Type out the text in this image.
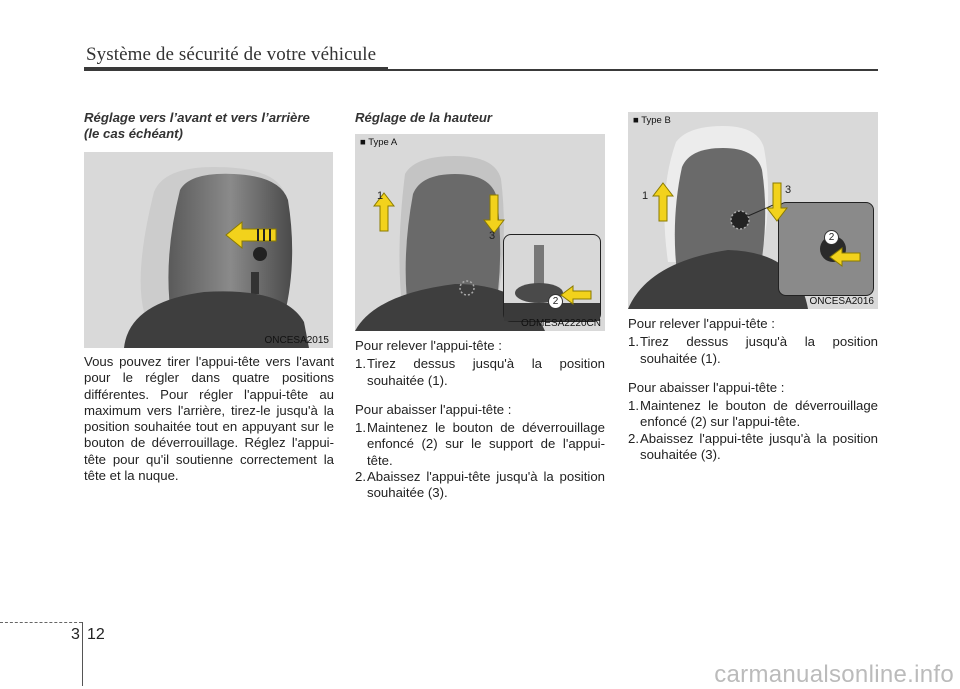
Système de sécurité de votre véhicule

Réglage vers l’avant et vers l’arrière
(le cas échéant)

ONCESA2015

Vous pouvez tirer l'appui-tête vers l'avant pour le régler dans quatre positions différentes. Pour régler l'appui-tête au maximum vers l'arrière, tirez-le jusqu'à la position souhaitée tout en appuyant sur le bouton de déverrouillage. Réglez l'appui-tête pour qu'il soutienne correctement la tête et la nuque.

Réglage de la hauteur

■ Type A
1
3
2
ODMESA2220CN

Pour relever l'appui-tête :

1. Tirez dessus jusqu'à la position souhaitée (1).

Pour abaisser l'appui-tête :

1. Maintenez le bouton de déverrouillage enfoncé (2) sur le support de l'appui-tête.
2. Abaissez l'appui-tête jusqu'à la position souhaitée (3).
■ Type B
1	3
2
ONCESA2016

Pour relever l'appui-tête :

1. Tirez dessus jusqu'à la position souhaitée (1).

Pour abaisser l'appui-tête :

1. Maintenez le bouton de déverrouillage enfoncé (2) sur l'appui-tête.
2. Abaissez l'appui-tête jusqu'à la position souhaitée (3).
3 12
carmanualsonline.info
